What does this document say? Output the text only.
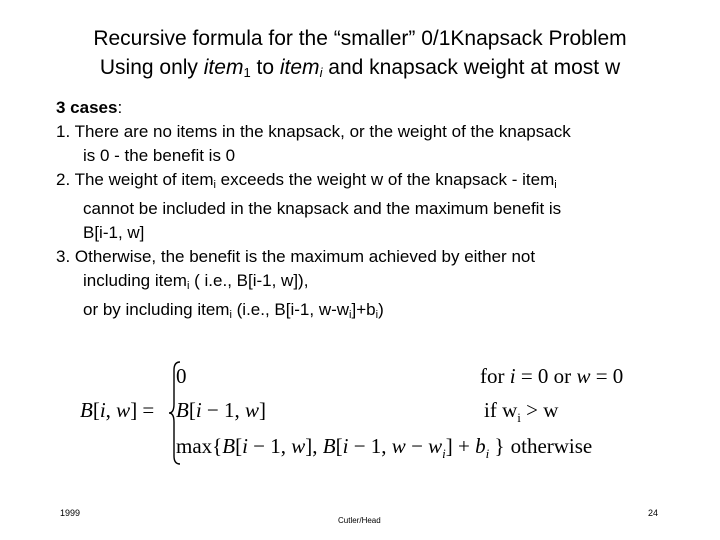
Recursive formula for the “smaller” 0/1Knapsack Problem
Using only item$_1$ to item$_i$ and knapsack weight at most w
3 cases:
1. There are no items in the knapsack, or the weight of the knapsack
is 0 - the benefit is 0
2. The weight of itemi exceeds the weight w of the knapsack - itemi
cannot be included in the knapsack and the maximum benefit is
B[i-1, w]
3. Otherwise, the benefit is the maximum achieved by either not
including itemi ( i.e., B[i-1, w]),
or by including itemi (i.e., B[i-1, w-wi]+bi)
B[i, w] =
0	for i = 0 or w = 0
B[i − 1, w]	if $w_i > w$
max{B[i − 1, w], B[i − 1, $w - w_i] + b_i$ } otherwise
1999
Cutler/Head
24
